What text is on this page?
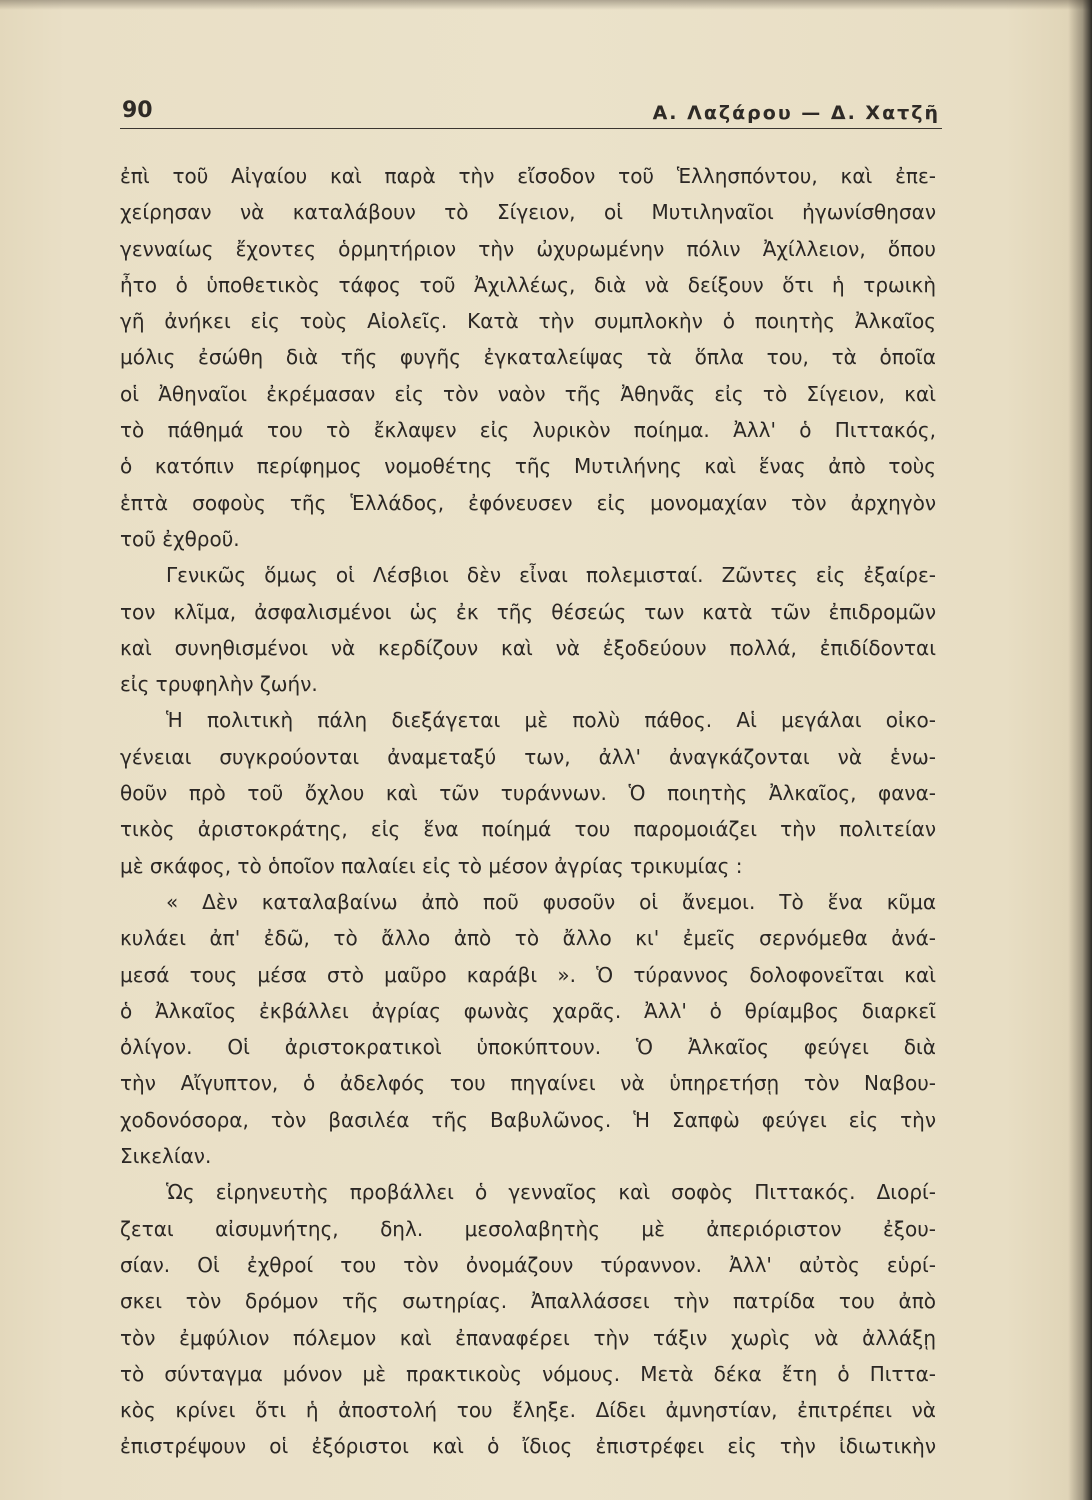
90	Α. Λαζάρου — Δ. Χατζῆ
ἐπὶ τοῦ Αἰγαίου καὶ παρὰ τὴν εἴσοδον τοῦ Ἑλλησπόντου, καὶ ἐπε-
χείρησαν νὰ καταλάβουν τὸ Σίγειον, οἱ Μυτιληναῖοι ἠγωνίσθησαν
γενναίως ἔχοντες ὁρμητήριον τὴν ὠχυρωμένην πόλιν Ἀχίλλειον, ὅπου
ἦτο ὁ ὑποθετικὸς τάφος τοῦ Ἀχιλλέως, διὰ νὰ δείξουν ὅτι ἡ τρωικὴ
γῆ ἀνήκει εἰς τοὺς Αἰολεῖς. Κατὰ τὴν συμπλοκὴν ὁ ποιητὴς Ἀλκαῖος
μόλις ἐσώθη διὰ τῆς φυγῆς ἐγκαταλείψας τὰ ὅπλα του, τὰ ὁποῖα
οἱ Ἀθηναῖοι ἐκρέμασαν εἰς τὸν ναὸν τῆς Ἀθηνᾶς εἰς τὸ Σίγειον, καὶ
τὸ πάθημά του τὸ ἔκλαψεν εἰς λυρικὸν ποίημα. Ἀλλ' ὁ Πιττακός,
ὁ κατόπιν περίφημος νομοθέτης τῆς Μυτιλήνης καὶ ἕνας ἀπὸ τοὺς
ἑπτὰ σοφοὺς τῆς Ἑλλάδος, ἐφόνευσεν εἰς μονομαχίαν τὸν ἀρχηγὸν
τοῦ ἐχθροῦ.
Γενικῶς ὅμως οἱ Λέσβιοι δὲν εἶναι πολεμισταί. Ζῶντες εἰς ἐξαίρε-
τον κλῖμα, ἀσφαλισμένοι ὡς ἐκ τῆς θέσεώς των κατὰ τῶν ἐπιδρομῶν
καὶ συνηθισμένοι νὰ κερδίζουν καὶ νὰ ἐξοδεύουν πολλά, ἐπιδίδονται
εἰς τρυφηλὴν ζωήν.
Ἡ πολιτικὴ πάλη διεξάγεται μὲ πολὺ πάθος. Αἱ μεγάλαι οἰκο-
γένειαι συγκρούονται ἀναμεταξύ των, ἀλλ' ἀναγκάζονται νὰ ἑνω-
θοῦν πρὸ τοῦ ὄχλου καὶ τῶν τυράννων. Ὁ ποιητὴς Ἀλκαῖος, φανα-
τικὸς ἀριστοκράτης, εἰς ἕνα ποίημά του παρομοιάζει τὴν πολιτείαν
μὲ σκάφος, τὸ ὁποῖον παλαίει εἰς τὸ μέσον ἀγρίας τρικυμίας :
« Δὲν καταλαβαίνω ἀπὸ ποῦ φυσοῦν οἱ ἄνεμοι. Τὸ ἕνα κῦμα
κυλάει ἀπ' ἐδῶ, τὸ ἄλλο ἀπὸ τὸ ἄλλο κι' ἐμεῖς σερνόμεθα ἀνά-
μεσά τους μέσα στὸ μαῦρο καράβι ». Ὁ τύραννος δολοφονεῖται καὶ
ὁ Ἀλκαῖος ἐκβάλλει ἀγρίας φωνὰς χαρᾶς. Ἀλλ' ὁ θρίαμβος διαρκεῖ
ὀλίγον. Οἱ ἀριστοκρατικοὶ ὑποκύπτουν. Ὁ Ἀλκαῖος φεύγει διὰ
τὴν Αἴγυπτον, ὁ ἀδελφός του πηγαίνει νὰ ὑπηρετήσῃ τὸν Ναβου-
χοδονόσορα, τὸν βασιλέα τῆς Βαβυλῶνος. Ἡ Σαπφὼ φεύγει εἰς τὴν
Σικελίαν.
Ὡς εἰρηνευτὴς προβάλλει ὁ γενναῖος καὶ σοφὸς Πιττακός. Διορί-
ζεται αἰσυμνήτης, δηλ. μεσολαβητὴς μὲ ἀπεριόριστον ἐξου-
σίαν. Οἱ ἐχθροί του τὸν ὀνομάζουν τύραννον. Ἀλλ' αὐτὸς εὑρί-
σκει τὸν δρόμον τῆς σωτηρίας. Ἀπαλλάσσει τὴν πατρίδα του ἀπὸ
τὸν ἐμφύλιον πόλεμον καὶ ἐπαναφέρει τὴν τάξιν χωρὶς νὰ ἀλλάξῃ
τὸ σύνταγμα μόνον μὲ πρακτικοὺς νόμους. Μετὰ δέκα ἔτη ὁ Πιττα-
κὸς κρίνει ὅτι ἡ ἀποστολή του ἔληξε. Δίδει ἀμνηστίαν, ἐπιτρέπει νὰ
ἐπιστρέψουν οἱ ἐξόριστοι καὶ ὁ ἴδιος ἐπιστρέφει εἰς τὴν ἰδιωτικὴν
